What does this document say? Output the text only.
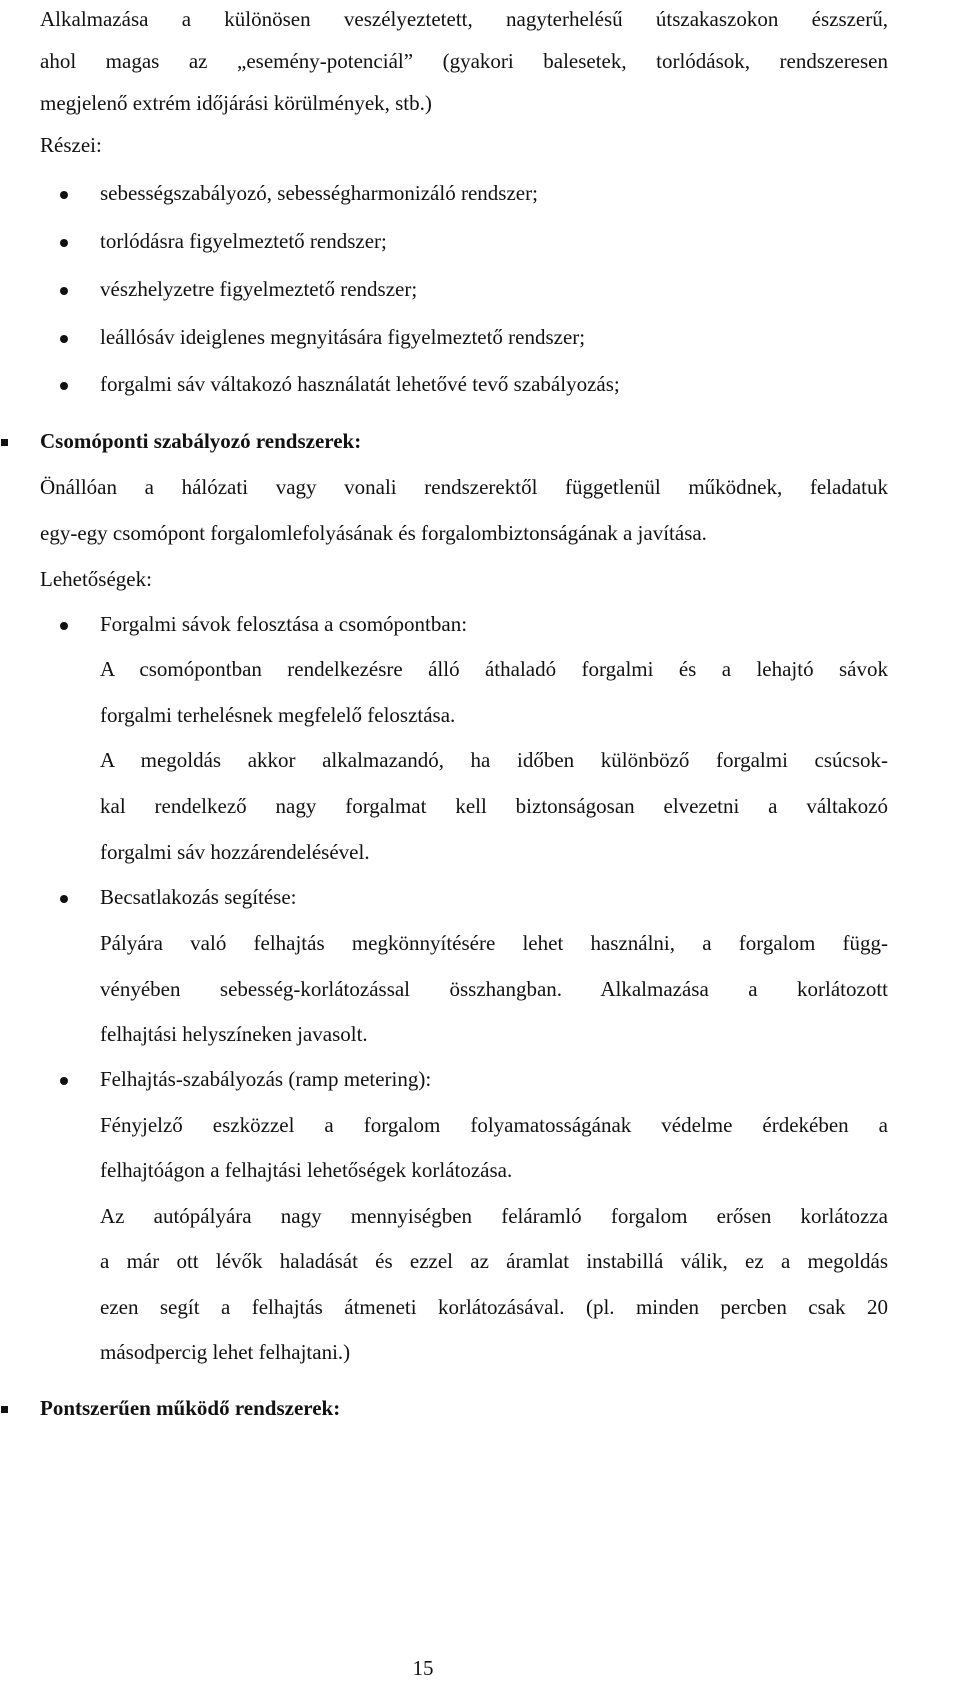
Alkalmazása a különösen veszélyeztetett, nagyterhelésű útszakaszokon észszerű,
ahol magas az „esemény-potenciál” (gyakori balesetek, torlódások, rendszeresen
megjelenő extrém időjárási körülmények, stb.)
Részei:
sebességszabályozó, sebességharmonizáló rendszer;
torlódásra figyelmeztető rendszer;
vészhelyzetre figyelmeztető rendszer;
leállósáv ideiglenes megnyitására figyelmeztető rendszer;
forgalmi sáv váltakozó használatát lehetővé tevő szabályozás;
Csomóponti szabályozó rendszerek:
Önállóan a hálózati vagy vonali rendszerektől függetlenül működnek, feladatuk
egy-egy csomópont forgalomlefolyásának és forgalombiztonságának a javítása.
Lehetőségek:
Forgalmi sávok felosztása a csomópontban:
A csomópontban rendelkezésre álló áthaladó forgalmi és a lehajtó sávok
forgalmi terhelésnek megfelelő felosztása.
A megoldás akkor alkalmazandó, ha időben különböző forgalmi csúcsok-
kal rendelkező nagy forgalmat kell biztonságosan elvezetni a váltakozó
forgalmi sáv hozzárendelésével.
Becsatlakozás segítése:
Pályára való felhajtás megkönnyítésére lehet használni, a forgalom függ-
vényében sebesség-korlátozással összhangban. Alkalmazása a korlátozott
felhajtási helyszíneken javasolt.
Felhajtás-szabályozás (ramp metering):
Fényjelző eszközzel a forgalom folyamatosságának védelme érdekében a
felhajtóágon a felhajtási lehetőségek korlátozása.
Az autópályára nagy mennyiségben feláramló forgalom erősen korlátozza
a már ott lévők haladását és ezzel az áramlat instabillá válik, ez a megoldás
ezen segít a felhajtás átmeneti korlátozásával. (pl. minden percben csak 20
másodpercig lehet felhajtani.)
Pontszerűen működő rendszerek:
15
